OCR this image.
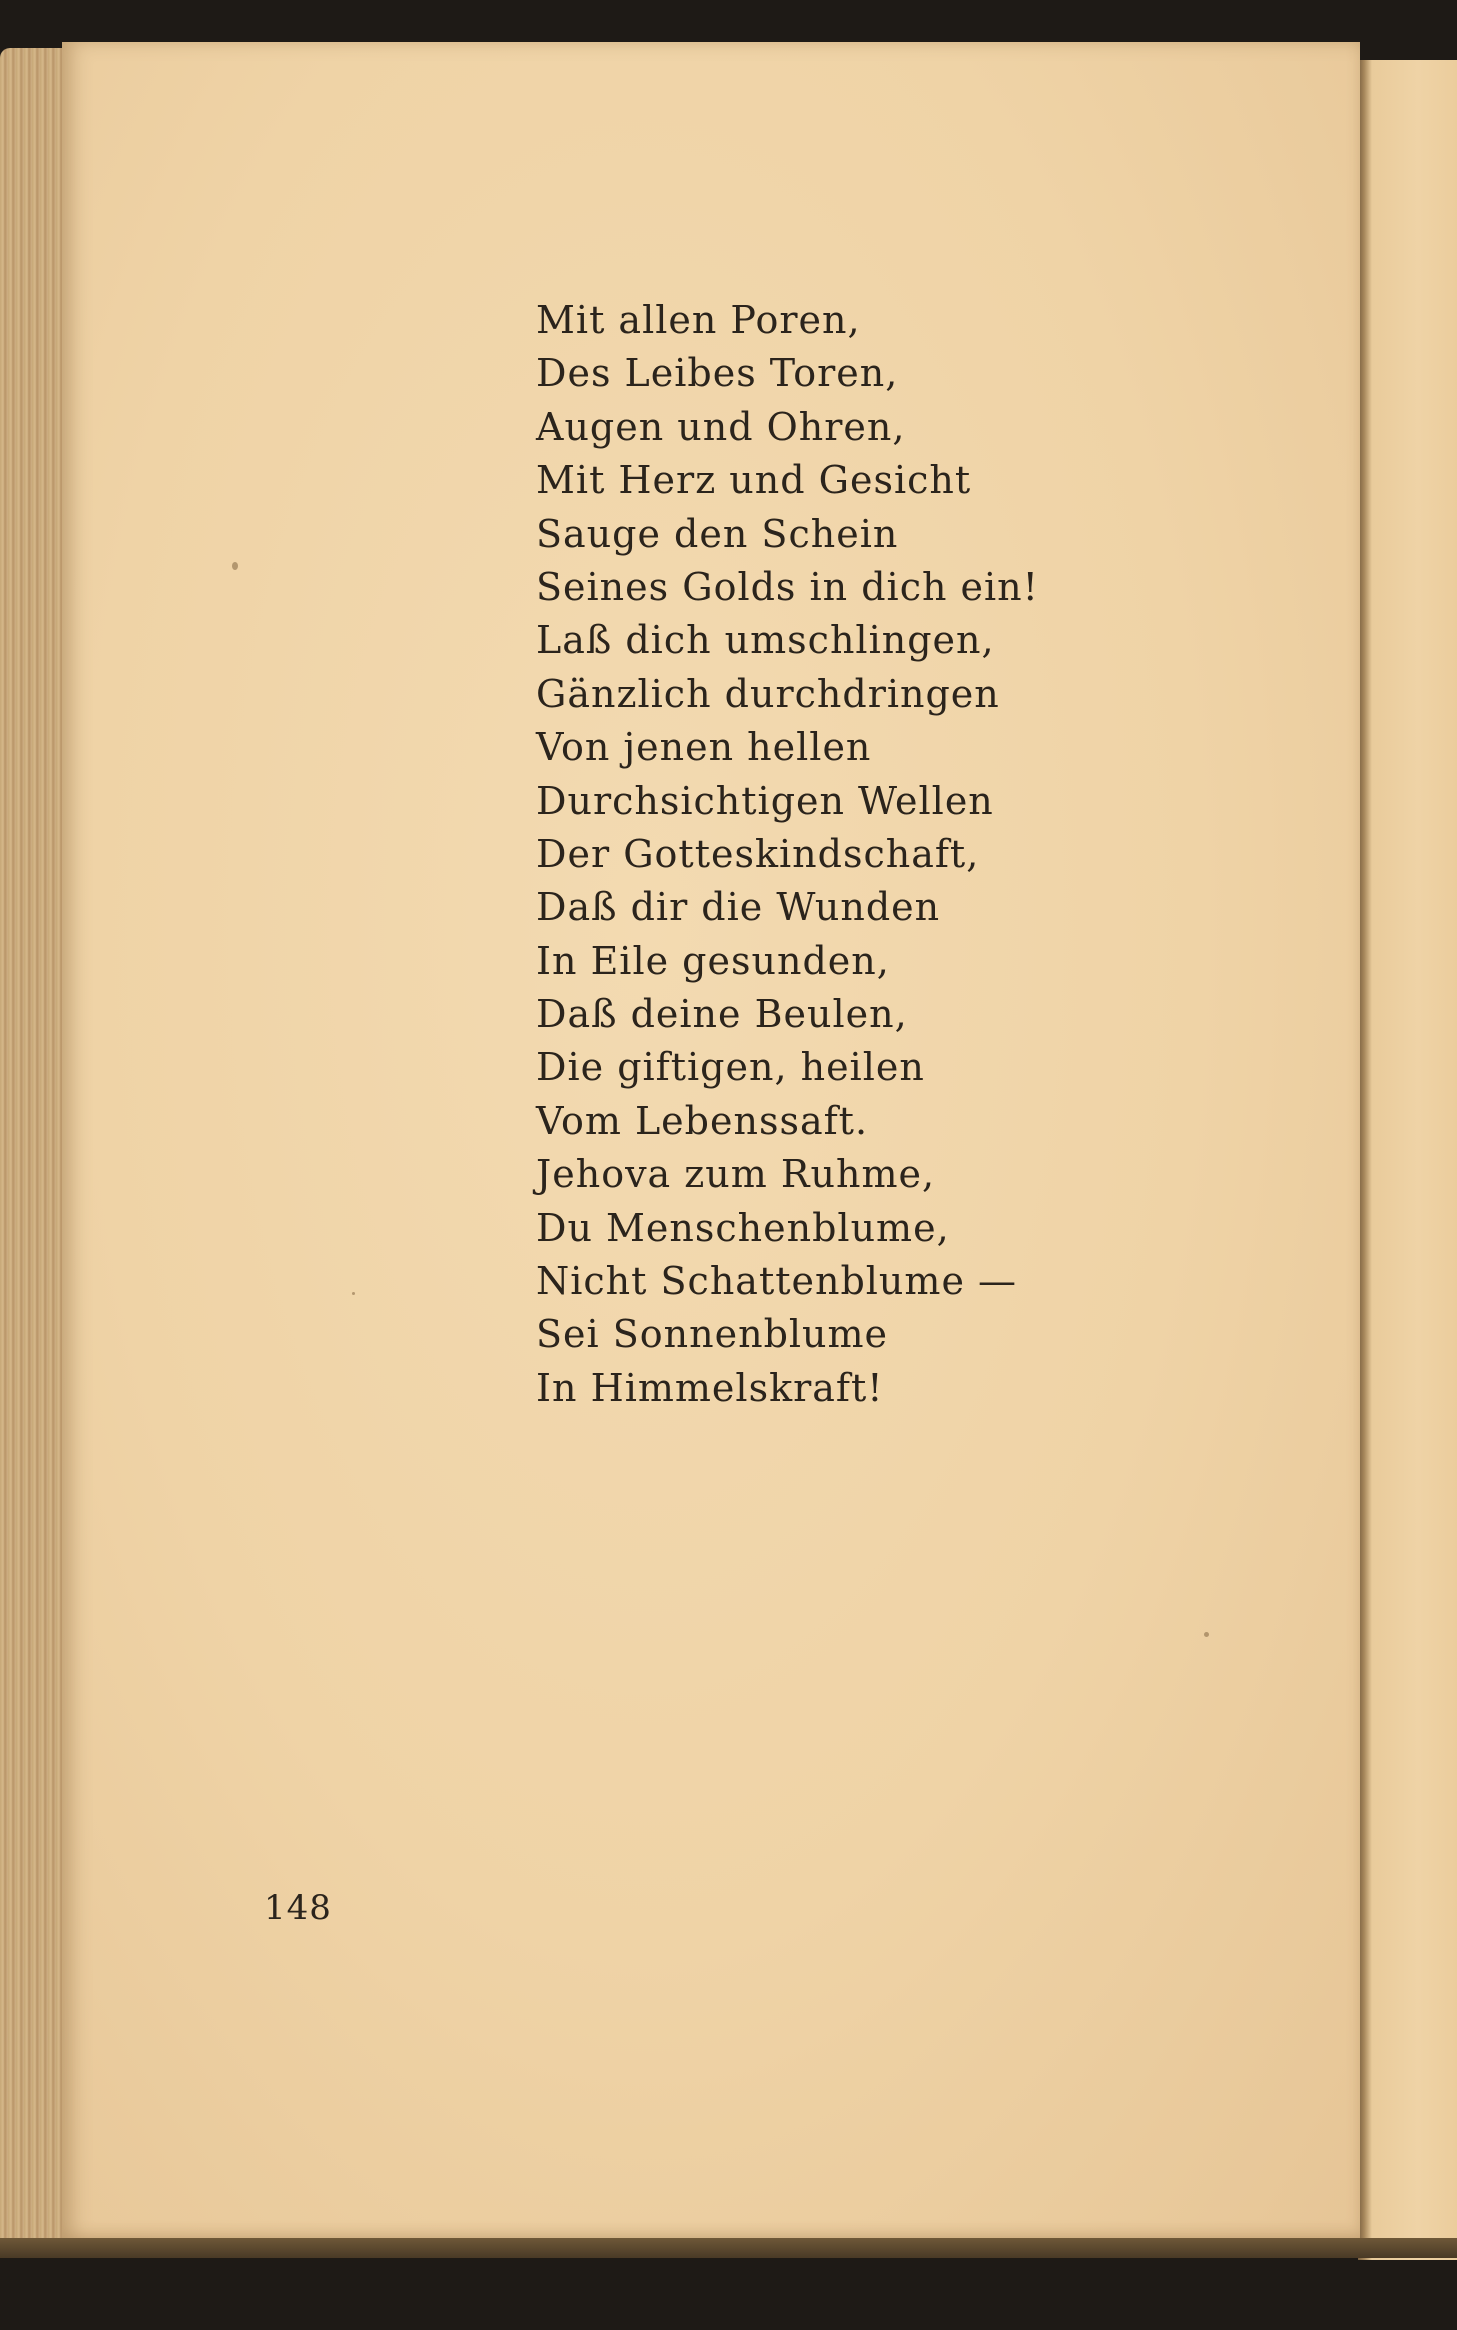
Mit allen Poren,
Des Leibes Toren,
Augen und Ohren,
Mit Herz und Gesicht
Sauge den Schein
Seines Golds in dich ein!
Laß dich umschlingen,
Gänzlich durchdringen
Von jenen hellen
Durchsichtigen Wellen
Der Gotteskindschaft,
Daß dir die Wunden
In Eile gesunden,
Daß deine Beulen,
Die giftigen, heilen
Vom Lebenssaft.
Jehova zum Ruhme,
Du Menschenblume,
Nicht Schattenblume —
Sei Sonnenblume
In Himmelskraft!
148
